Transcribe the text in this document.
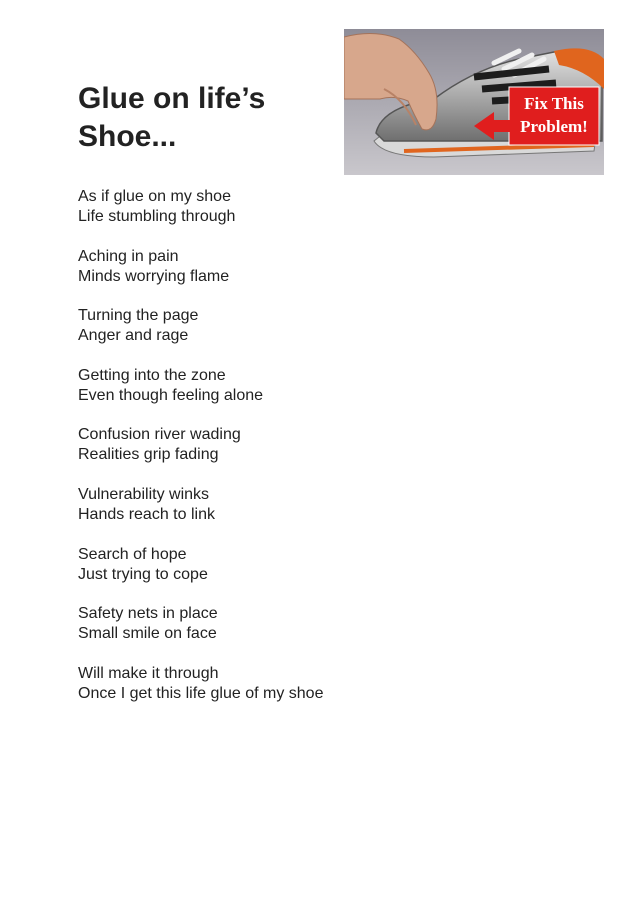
Glue on life’s
Shoe...
Fix This
Problem!
As if glue on my shoe
Life stumbling through
Aching in pain
Minds worrying flame
Turning the page
Anger and rage
Getting into the zone
Even though feeling alone
Confusion river wading
Realities grip fading
Vulnerability winks
Hands reach to link
Search of hope
Just trying to cope
Safety nets in place
Small smile on face
Will make it through
Once I get this life glue of my shoe
